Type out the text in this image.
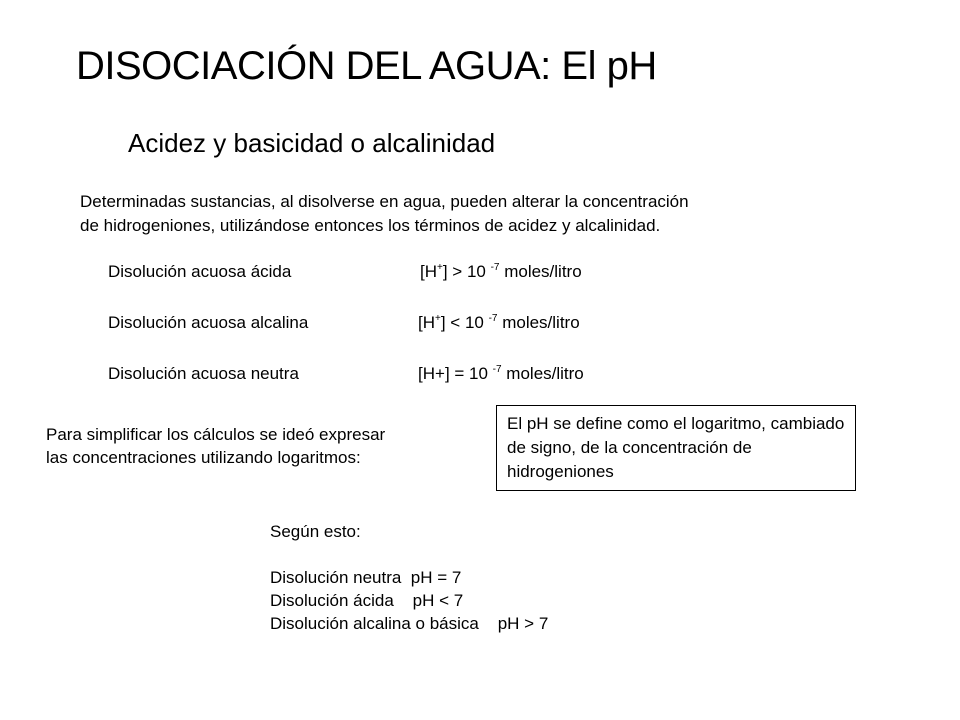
DISOCIACIÓN DEL AGUA: El pH
Acidez y basicidad o alcalinidad
Determinadas sustancias, al disolverse en agua, pueden alterar la concentración
de hidrogeniones, utilizándose entonces los términos de acidez y alcalinidad.
Disolución acuosa ácida	[H+] > 10 $^{-7}$ moles/litro
Disolución acuosa alcalina	[H+] < 10 $^{-7}$ moles/litro
Disolución acuosa neutra	[H+] = 10 $^{-7}$ moles/litro
Para simplificar los cálculos se ideó expresar
las concentraciones utilizando logaritmos:
El pH se define como el logaritmo, cambiado de signo, de la concentración de hidrogeniones
Según esto:
Disolución neutra  pH = 7
Disolución ácida    pH < 7
Disolución alcalina o básica    pH > 7
